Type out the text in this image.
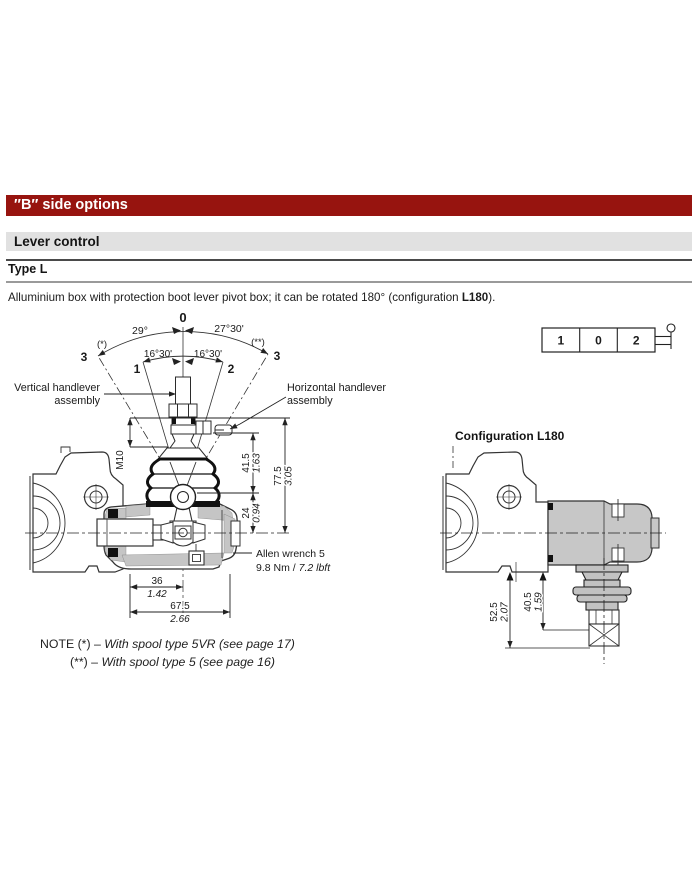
″B″ side options
Lever control
Type L
Alluminium box with protection boot lever pivot box; it can be rotated 180° (configuration L180).
0
29°	27°30'
(*)	(**)
3	3
16°30' 16°30'
1	2
Vertical handlever
assembly
Horizontal handlever
assembly
Allen wrench 5
9.8 Nm / 7.2 lbft
M10	41.5 1.63
24 0.94
77.5 3.05
36
1.42
67.5
2.66
1	0	2
Configuration L180
52.5 2.07
40.5 1.59
NOTE (*) – With spool type 5VR (see page 17)
(**) – With spool type 5 (see page 16)
